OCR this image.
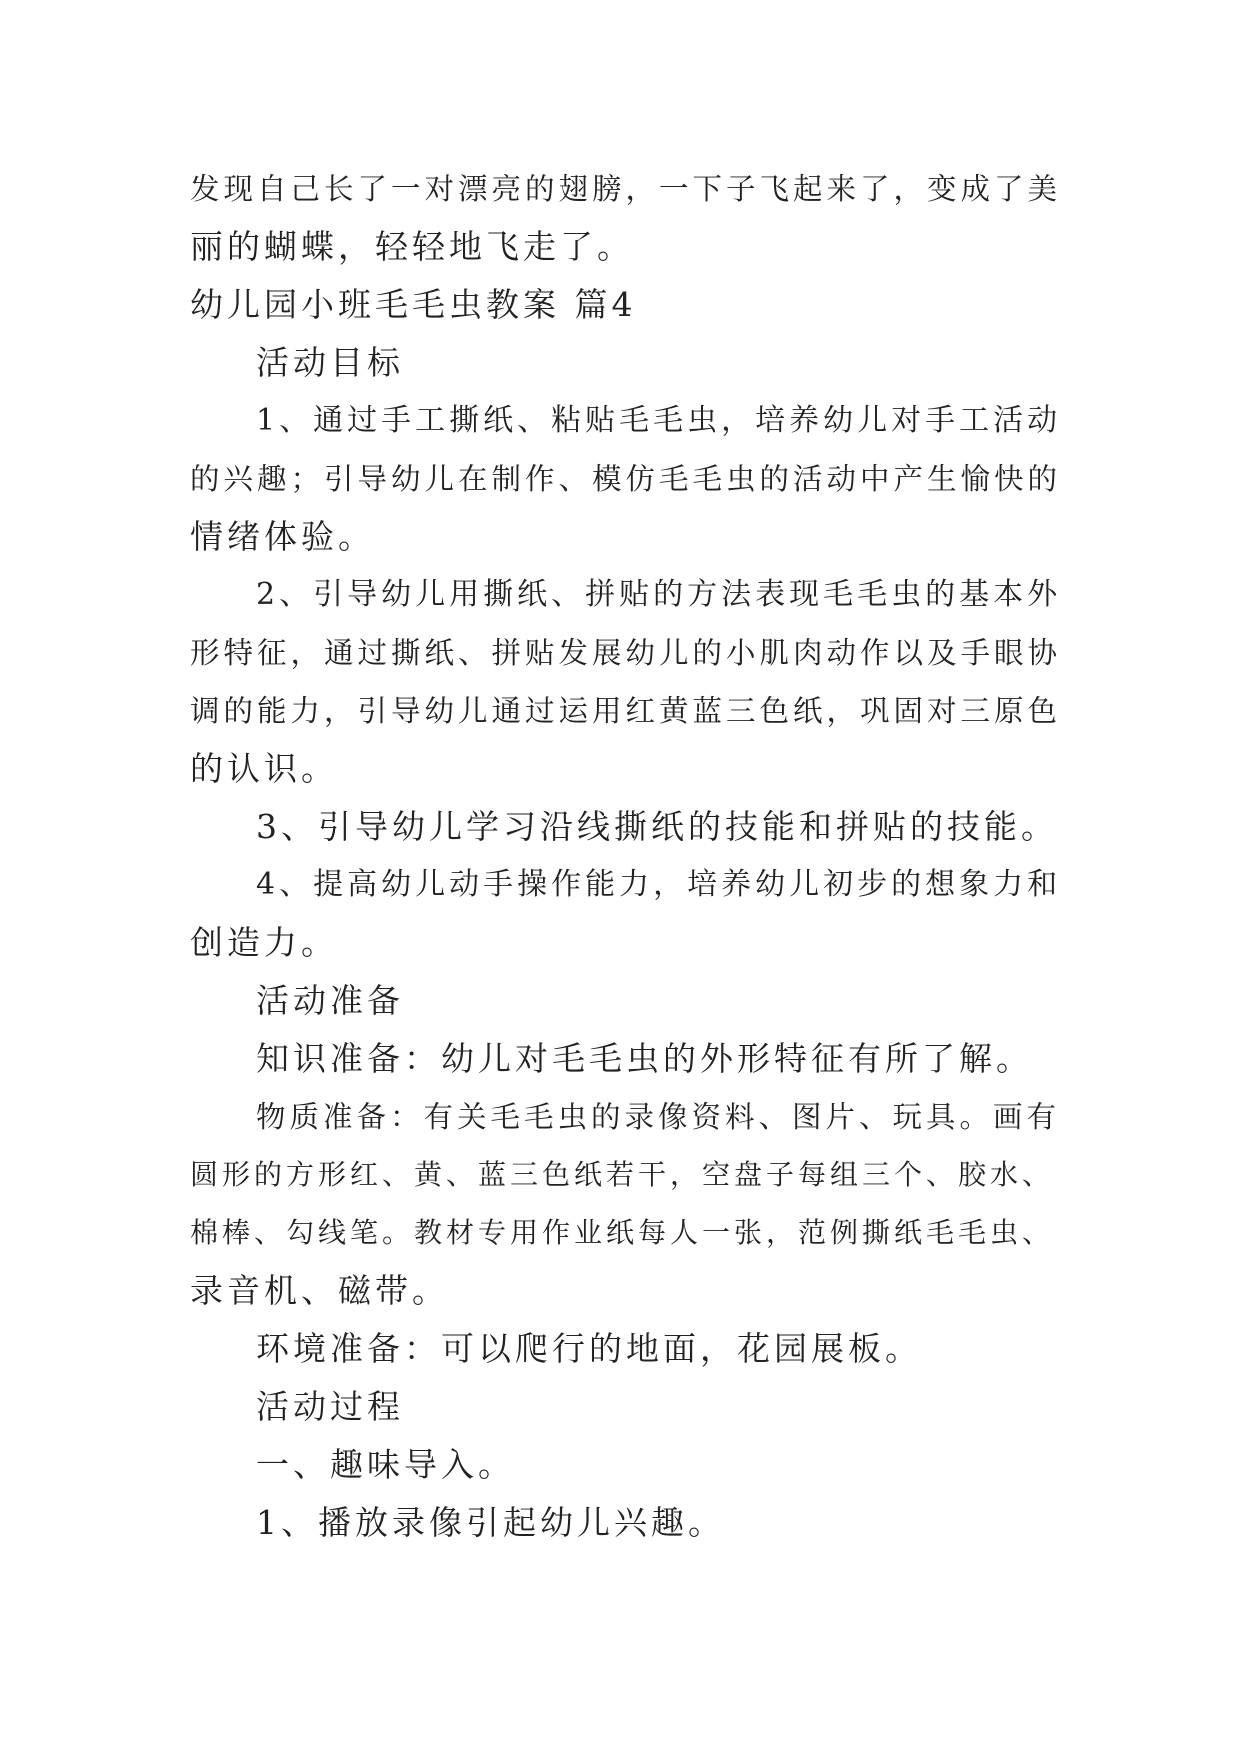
发现自己长了一对漂亮的翅膀，一下子飞起来了，变成了美
丽的蝴蝶，轻轻地飞走了。
幼儿园小班毛毛虫教案 篇4
活动目标
1、通过手工撕纸、粘贴毛毛虫，培养幼儿对手工活动
的兴趣；引导幼儿在制作、模仿毛毛虫的活动中产生愉快的
情绪体验。
2、引导幼儿用撕纸、拼贴的方法表现毛毛虫的基本外
形特征，通过撕纸、拼贴发展幼儿的小肌肉动作以及手眼协
调的能力，引导幼儿通过运用红黄蓝三色纸，巩固对三原色
的认识。
3、引导幼儿学习沿线撕纸的技能和拼贴的技能。
4、提高幼儿动手操作能力，培养幼儿初步的想象力和
创造力。
活动准备
知识准备：幼儿对毛毛虫的外形特征有所了解。
物质准备：有关毛毛虫的录像资料、图片、玩具。画有
圆形的方形红、黄、蓝三色纸若干，空盘子每组三个、胶水、
棉棒、勾线笔。教材专用作业纸每人一张，范例撕纸毛毛虫、
录音机、磁带。
环境准备：可以爬行的地面，花园展板。
活动过程
一、趣味导入。
1、播放录像引起幼儿兴趣。
